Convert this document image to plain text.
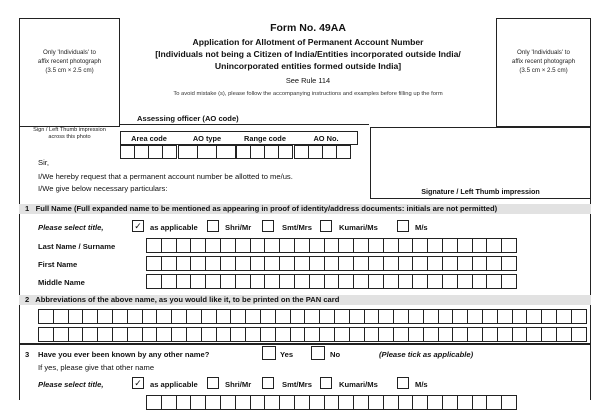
Only 'Individuals' to
affix recent photograph
(3.5 cm × 2.5 cm)
Sign / Left Thumb impression
across this photo
Only 'Individuals' to
affix recent photograph
(3.5 cm × 2.5 cm)
Form No. 49AA
Application for Allotment of Permanent Account Number
[Individuals not being a Citizen of India/Entities incorporated outside India/
Unincorporated entities formed outside India]
See Rule 114
To avoid mistake (s), please follow the accompanying instructions and examples before filling up the form
Assessing officer (AO code)
Area code	AO type	Range code	AO No.
Signature / Left Thumb impression
Sir,
I/We hereby request that a permanent account number be allotted to me/us.
I/We give below necessary particulars:
1 Full Name (Full expanded name to be mentioned as appearing in proof of identity/address documents: initials are not permitted)
Please select title,	✓ as applicable	Shri/Mr	Smt/Mrs	Kumari/Ms	M/s
Last Name / Surname
First Name
Middle Name
2 Abbreviations of the above name, as you would like it, to be printed on the PAN card
3 Have you ever been known by any other name?	Yes	No	(Please tick as applicable)
If yes, please give that other name
Please select title,	✓ as applicable	Shri/Mr	Smt/Mrs	Kumari/Ms	M/s
